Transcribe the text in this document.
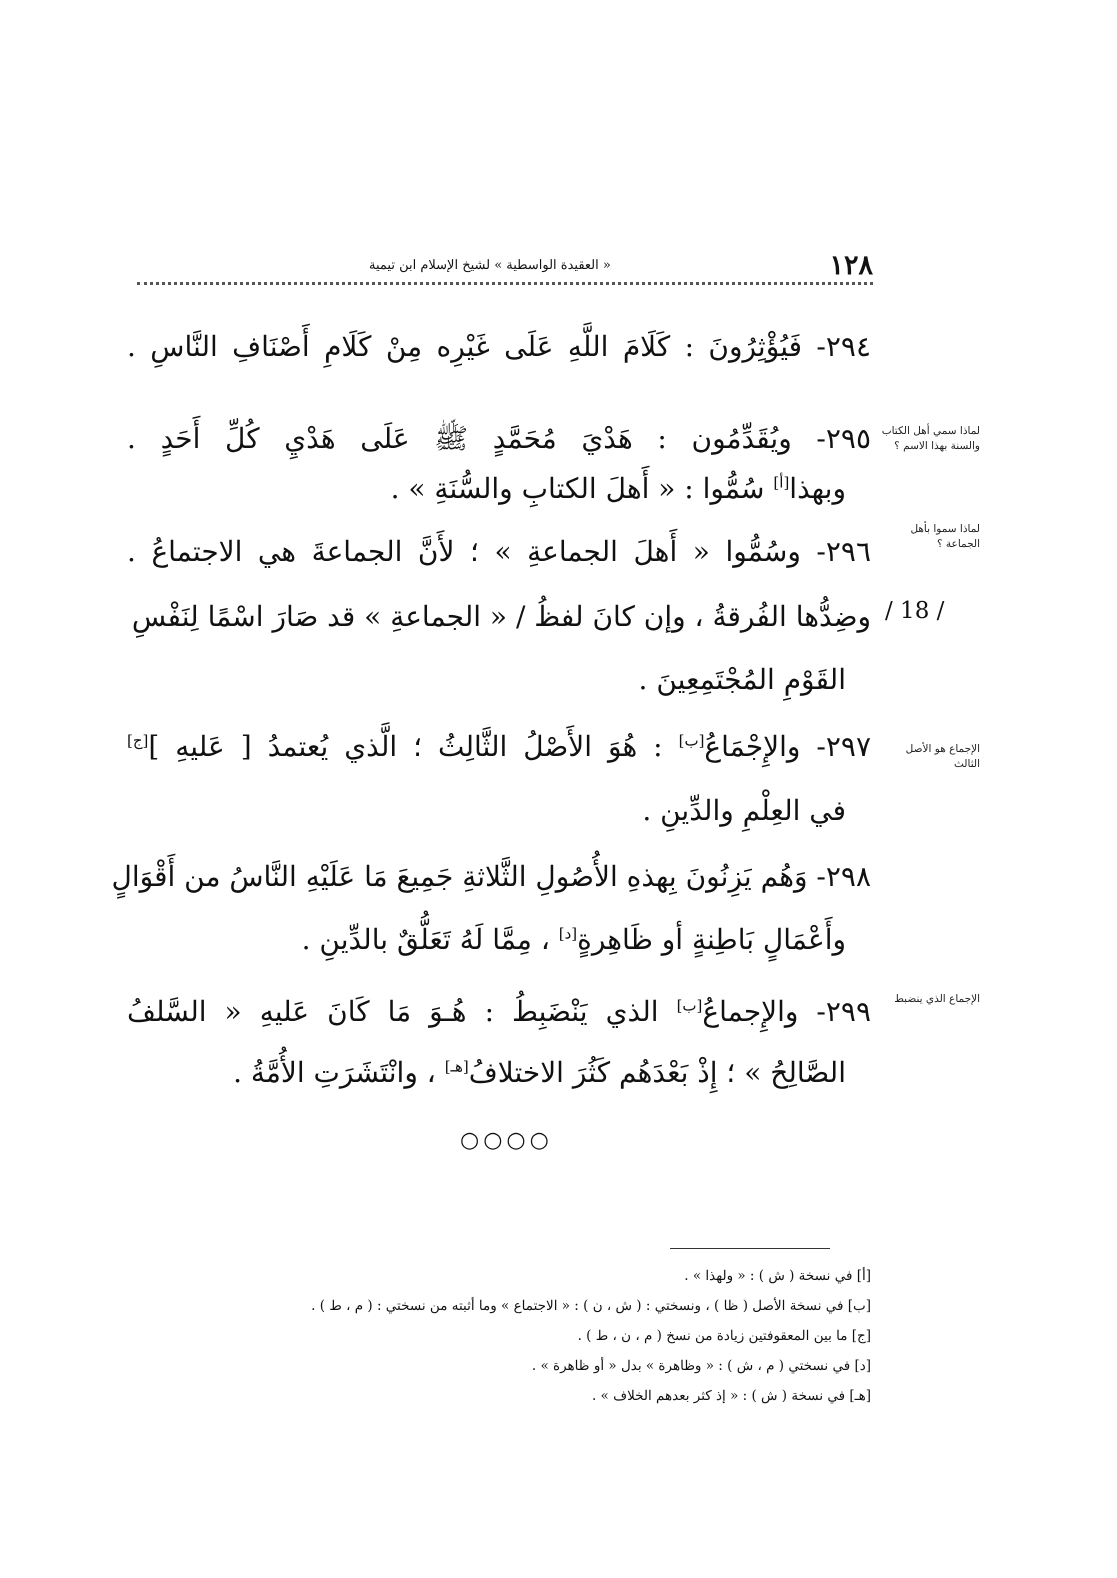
١٢٨
« العقيدة الواسطية » لشيخ الإسلام ابن تيمية
لماذا سمي أهل الكتاب والسنة بهذا الاسم ؟
لماذا سموا بأهل الجماعة ؟
الإجماع هو الأصل الثالث
الإجماع الذي ينضبط
/ 18 /
٢٩٤- فَيُؤْثِرُونَ : كَلَامَ اللَّهِ عَلَى غَيْرِه مِنْ كَلَامِ أَصْنَافِ النَّاسِ .
٢٩٥- ويُقَدِّمُون : هَدْيَ مُحَمَّدٍ ﷺ عَلَى هَدْيِ كُلِّ أَحَدٍ .
وبهذا[أ] سُمُّوا : « أَهلَ الكتابِ والسُّنَةِ » .
٢٩٦- وسُمُّوا « أَهلَ الجماعةِ » ؛ لأَنَّ الجماعةَ هي الاجتماعُ .
وضِدُّها الفُرقةُ ، وإن كانَ لفظُ / « الجماعةِ » قد صَارَ اسْمًا لِنَفْسِ
القَوْمِ المُجْتَمِعِينَ .
٢٩٧- والإِجْمَاعُ[ب] : هُوَ الأَصْلُ الثَّالِثُ ؛ الَّذي يُعتمدُ [ عَليهِ ][ج]
في العِلْمِ والدِّينِ .
٢٩٨- وَهُم يَزِنُونَ بِهذهِ الأُصُولِ الثَّلاثةِ جَمِيعَ مَا عَلَيْهِ النَّاسُ من أَقْوَالٍ
وأَعْمَالٍ بَاطِنةٍ أو ظَاهِرةٍ[د] ، مِمَّا لَهُ تَعَلُّقٌ بالدِّينِ .
٢٩٩- والإِجماعُ[ب] الذي يَنْضَبِطُ : هُـوَ مَا كَانَ عَليهِ « السَّلفُ
الصَّالِحُ » ؛ إِذْ بَعْدَهُم كَثُرَ الاختلافُ[هـ] ، وانْتَشَرَتِ الأُمَّةُ .
○○○○
[أ] في نسخة ( ش ) : « ولهذا » .
[ب] في نسخة الأصل ( ظا ) ، ونسختي : ( ش ، ن ) : « الاجتماع » وما أثبته من نسختي : ( م ، ط ) .
[ج] ما بين المعقوفتين زيادة من نسخ ( م ، ن ، ط ) .
[د] في نسختي ( م ، ش ) : « وظاهرة » بدل « أو ظاهرة » .
[هـ] في نسخة ( ش ) : « إذ كثر بعدهم الخلاف » .
